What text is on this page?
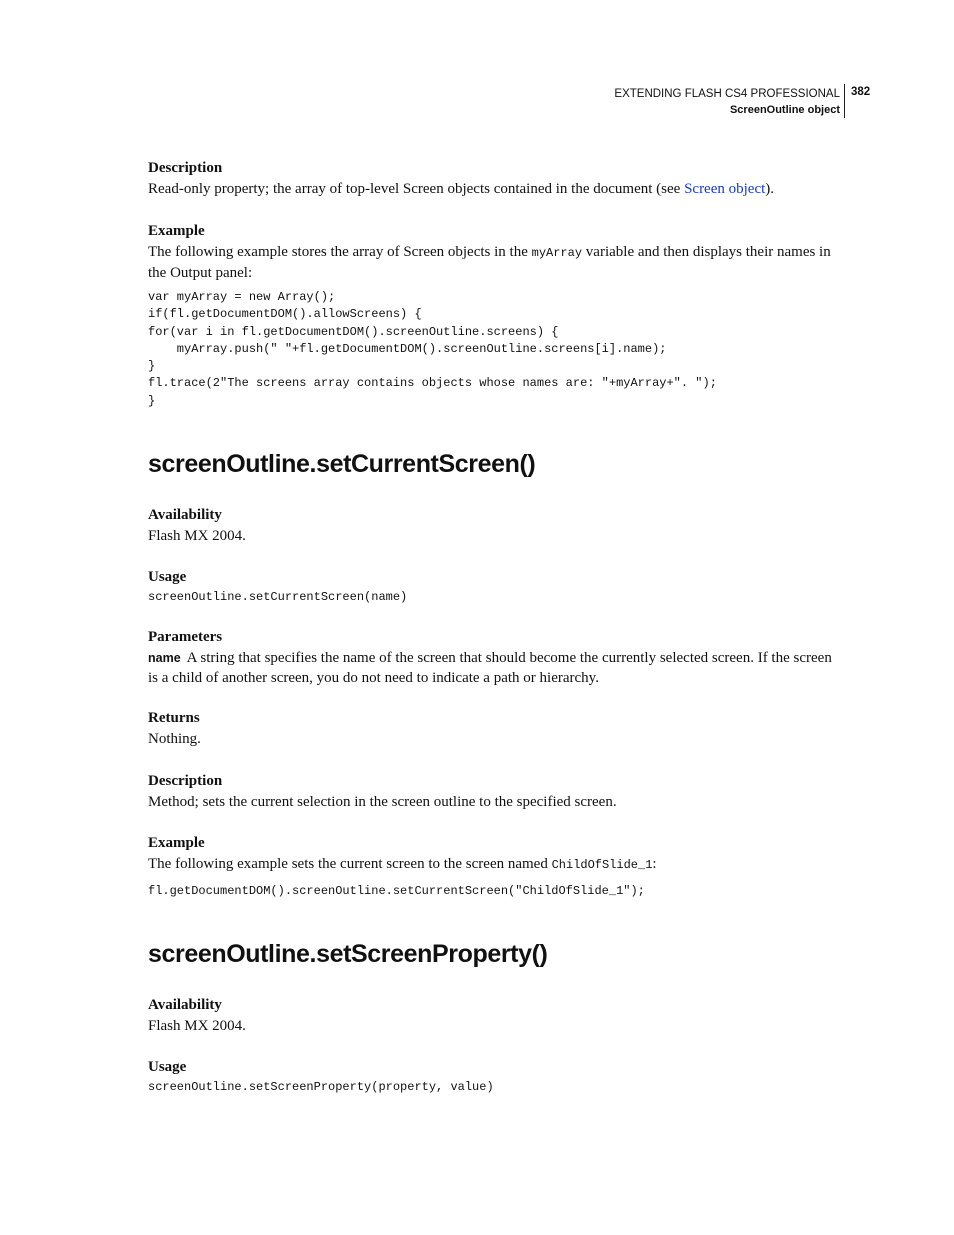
EXTENDING FLASH CS4 PROFESSIONAL
ScreenOutline object
382

Description

Read-only property; the array of top-level Screen objects contained in the document (see Screen object).

Example

The following example stores the array of Screen objects in the myArray variable and then displays their names in the Output panel:

var myArray = new Array();
if(fl.getDocumentDOM().allowScreens) {
for(var i in fl.getDocumentDOM().screenOutline.screens) {
myArray.push(" "+fl.getDocumentDOM().screenOutline.screens[i].name);
}
fl.trace(2"The screens array contains objects whose names are: "+myArray+". ");
}
screenOutline.setCurrentScreen()

Availability

Flash MX 2004.

Usage

screenOutline.setCurrentScreen(name)

Parameters

name A string that specifies the name of the screen that should become the currently selected screen. If the screen is a child of another screen, you do not need to indicate a path or hierarchy.

Returns

Nothing.

Description

Method; sets the current selection in the screen outline to the specified screen.

Example

The following example sets the current screen to the screen named ChildOfSlide_1:

fl.getDocumentDOM().screenOutline.setCurrentScreen("ChildOfSlide_1");
screenOutline.setScreenProperty()

Availability

Flash MX 2004.

Usage

screenOutline.setScreenProperty(property, value)
